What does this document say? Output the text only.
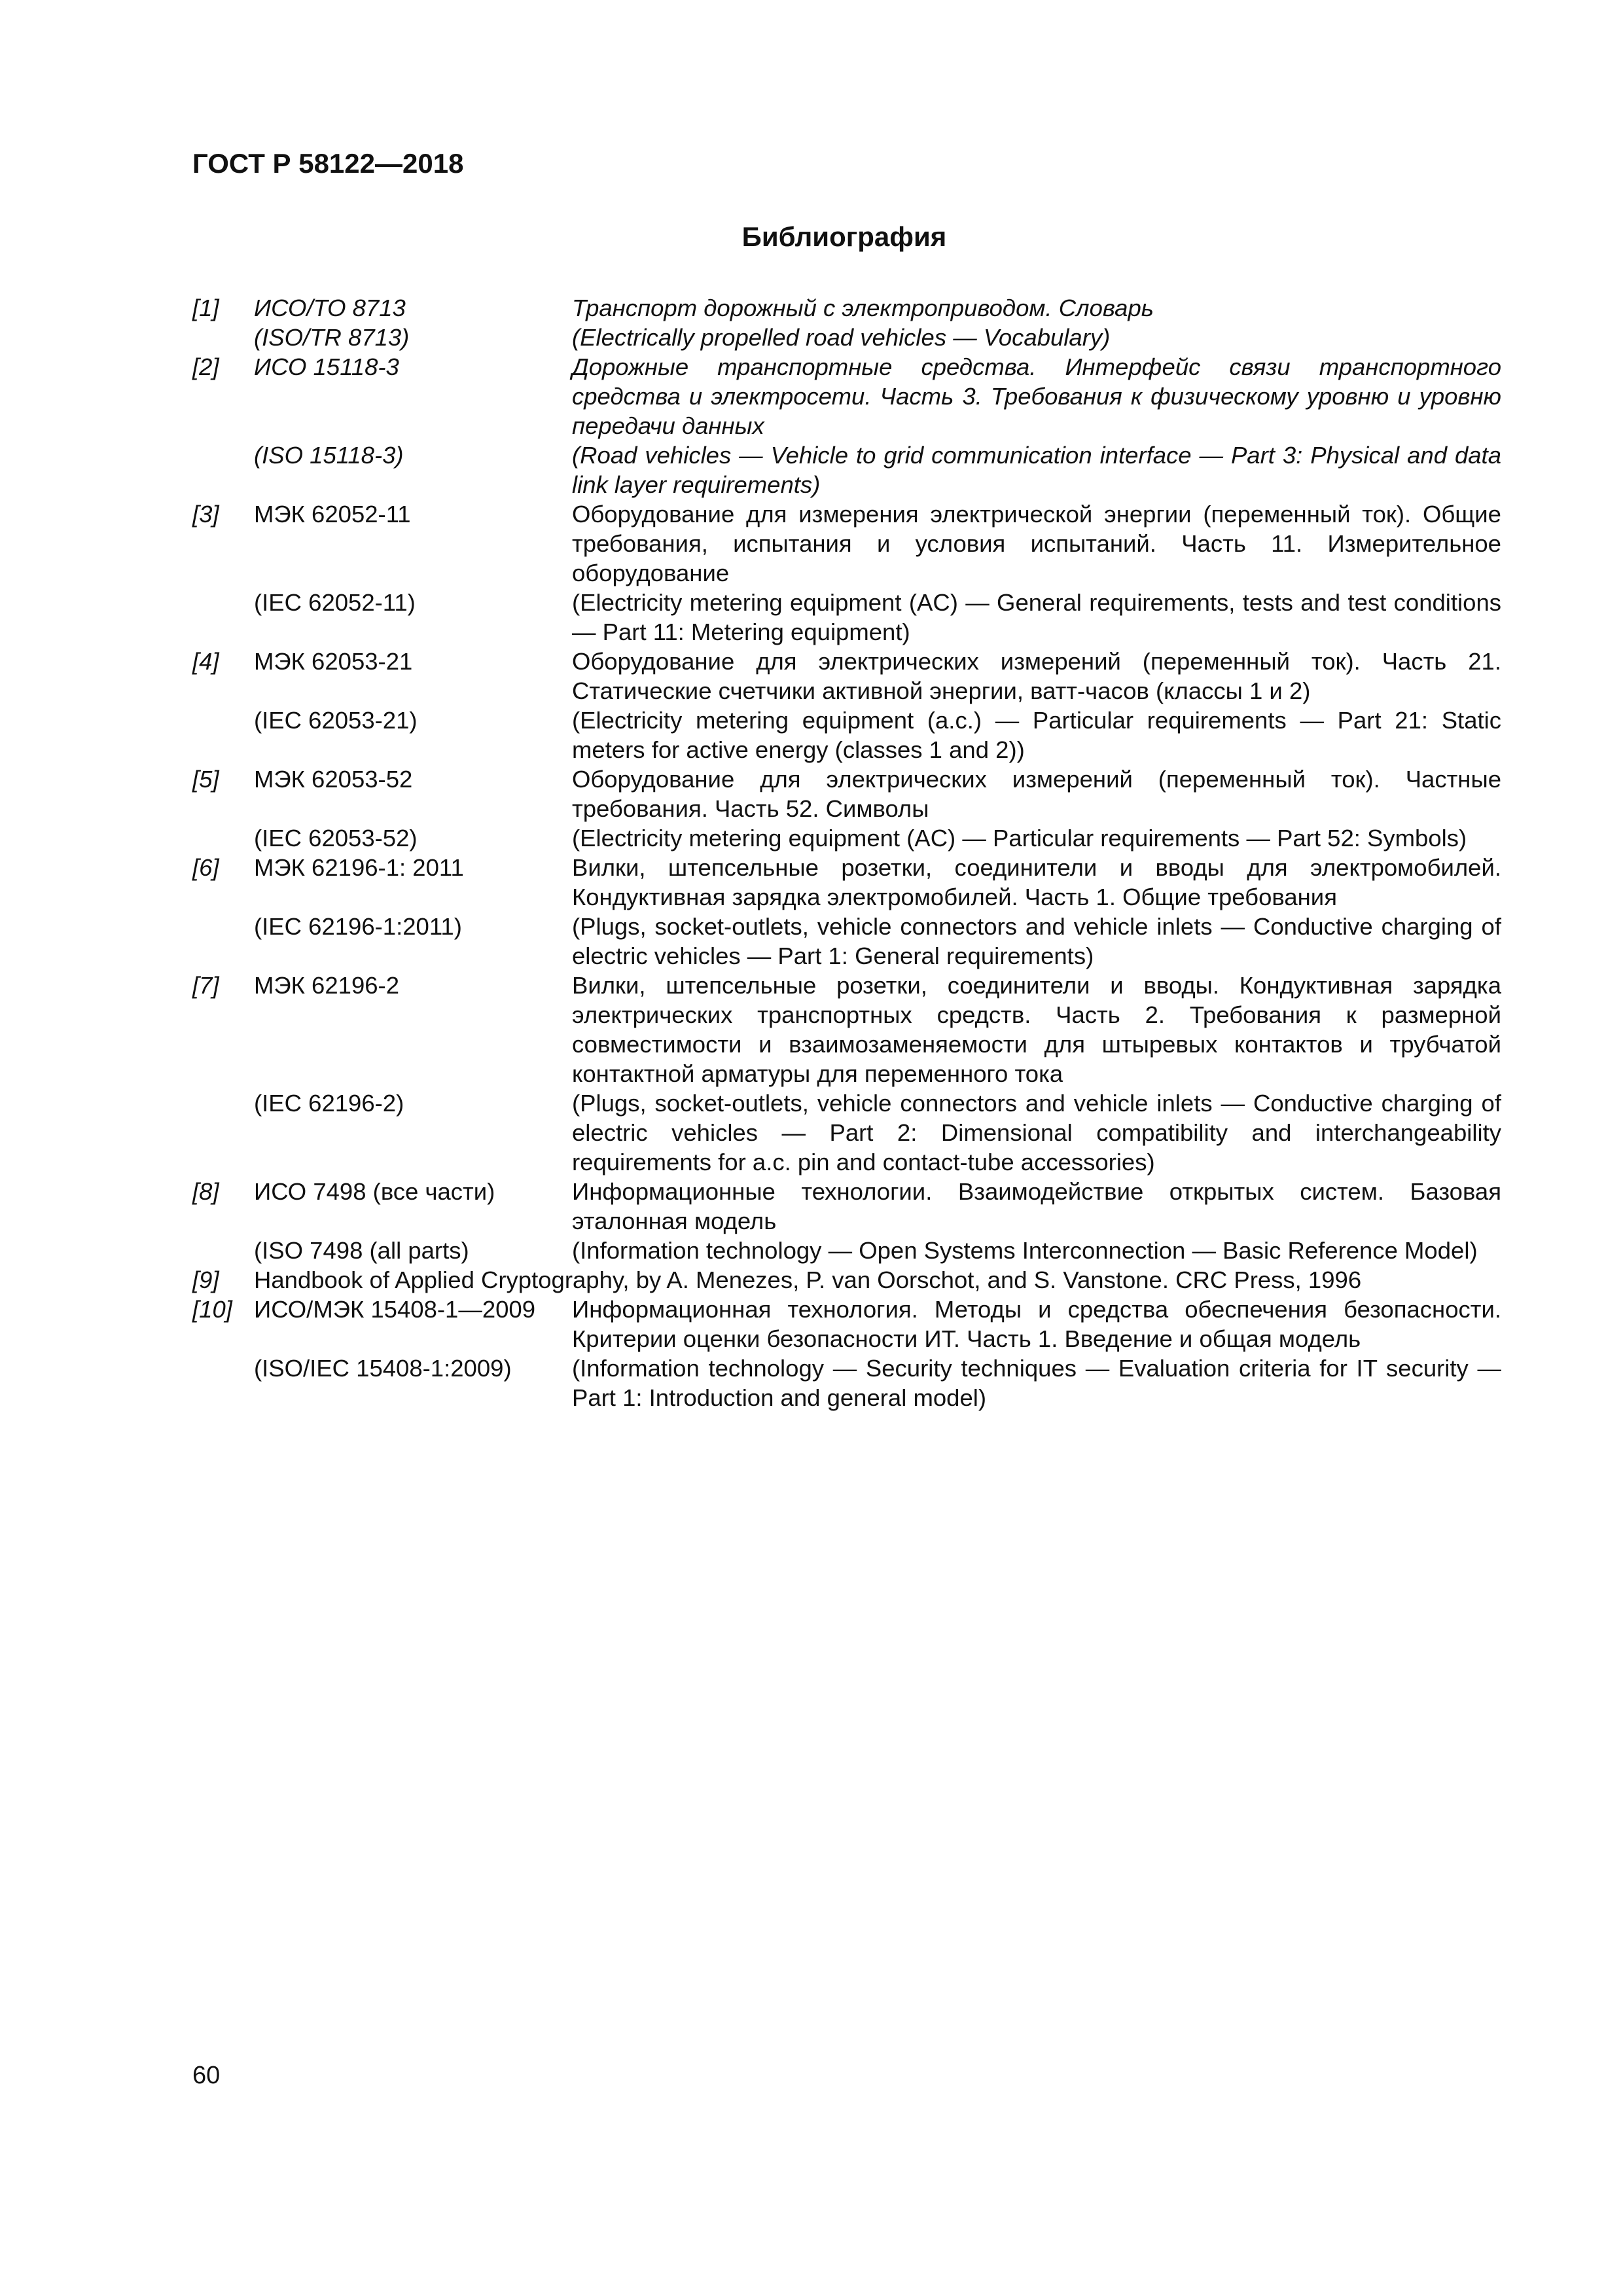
ГОСТ Р 58122—2018
Библиография
[1]	ИСО/ТО 8713	Транспорт дорожный с электроприводом. Словарь
(ISO/TR 8713)	(Electrically propelled road vehicles — Vocabulary)
[2]	ИСО 15118-3	Дорожные транспортные средства. Интерфейс связи транспортного средства и электросети. Часть 3. Требования к физическому уровню и уровню передачи данных
(ISO 15118-3)	(Road vehicles — Vehicle to grid communication interface — Part 3: Physical and data link layer requirements)
[3]	МЭК 62052-11	Оборудование для измерения электрической энергии (переменный ток). Общие требования, испытания и условия испытаний. Часть 11. Измерительное оборудование
(IEC 62052-11)	(Electricity metering equipment (AC) — General requirements, tests and test conditions — Part 11: Metering equipment)
[4]	МЭК 62053-21	Оборудование для электрических измерений (переменный ток). Часть 21. Статические счетчики активной энергии, ватт-часов (классы 1 и 2)
(IEC 62053-21)	(Electricity metering equipment (a.c.) — Particular requirements — Part 21: Static meters for active energy (classes 1 and 2))
[5]	МЭК 62053-52	Оборудование для электрических измерений (переменный ток). Частные требования. Часть 52. Символы
(IEC 62053-52)	(Electricity metering equipment (AC) — Particular requirements — Part 52: Symbols)
[6]	МЭК 62196-1: 2011	Вилки, штепсельные розетки, соединители и вводы для электромобилей. Кондуктивная зарядка электромобилей. Часть 1. Общие требования
(IEC 62196-1:2011)	(Plugs, socket-outlets, vehicle connectors and vehicle inlets — Conductive charging of electric vehicles — Part 1: General requirements)
[7]	МЭК 62196-2	Вилки, штепсельные розетки, соединители и вводы. Кондуктивная зарядка электрических транспортных средств. Часть 2. Требования к размерной совместимости и взаимозаменяемости для штыревых контактов и трубчатой контактной арматуры для переменного тока
(IEC 62196-2)	(Plugs, socket-outlets, vehicle connectors and vehicle inlets — Conductive charging of electric vehicles — Part 2: Dimensional compatibility and interchangeability requirements for a.c. pin and contact-tube accessories)
[8]	ИСО 7498 (все части)	Информационные технологии. Взаимодействие открытых систем. Базовая эталонная модель
(ISO 7498 (all parts)	(Information technology — Open Systems Interconnection — Basic Reference Model)
[9]	Handbook of Applied Cryptography, by A. Menezes, P. van Oorschot, and S. Vanstone. CRC Press, 1996
[10] ИСО/МЭК 15408-1—2009	Информационная технология. Методы и средства обеспечения безопасности. Критерии оценки безопасности ИТ. Часть 1. Введение и общая модель
(ISO/IEC 15408-1:2009)	(Information technology — Security techniques — Evaluation criteria for IT security — Part 1: Introduction and general model)
60
